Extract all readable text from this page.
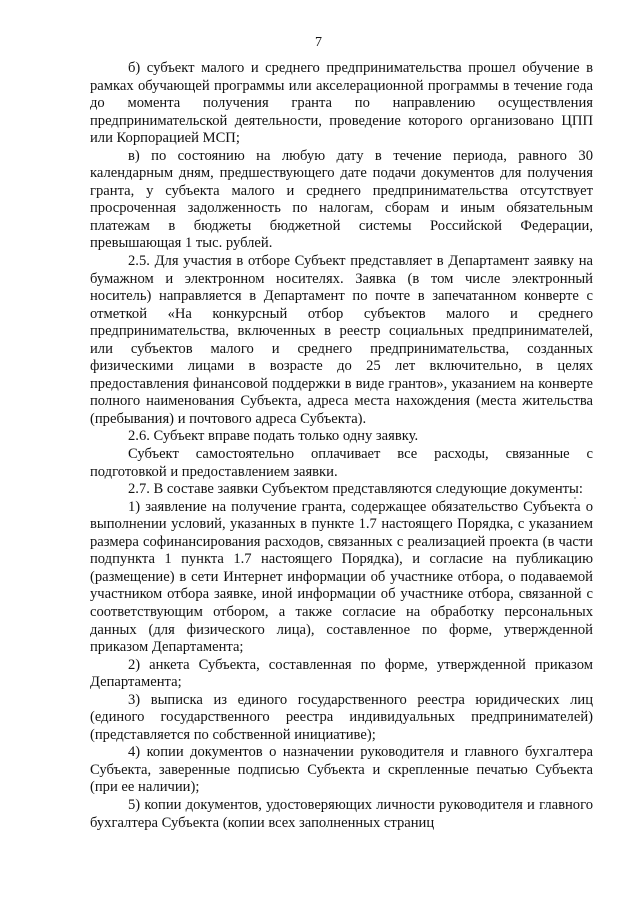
7

б) субъект малого и среднего предпринимательства прошел обучение в рамках обучающей программы или акселерационной программы в течение года до момента получения гранта по направлению осуществления предпринимательской деятельности, проведение которого организовано ЦПП или Корпорацией МСП;

в) по состоянию на любую дату в течение периода, равного 30 календарным дням, предшествующего дате подачи документов для получения гранта, у субъекта малого и среднего предпринимательства отсутствует просроченная задолженность по налогам, сборам и иным обязательным платежам в бюджеты бюджетной системы Российской Федерации, превышающая 1 тыс. рублей.

2.5. Для участия в отборе Субъект представляет в Департамент заявку на бумажном и электронном носителях. Заявка (в том числе электронный носитель) направляется в Департамент по почте в запечатанном конверте с отметкой «На конкурсный отбор субъектов малого и среднего предпринимательства, включенных в реестр социальных предпринимателей, или субъектов малого и среднего предпринимательства, созданных физическими лицами в возрасте до 25 лет включительно, в целях предоставления финансовой поддержки в виде грантов», указанием на конверте полного наименования Субъекта, адреса места нахождения (места жительства (пребывания) и почтового адреса Субъекта).

2.6. Субъект вправе подать только одну заявку.

Субъект самостоятельно оплачивает все расходы, связанные с подготовкой и предоставлением заявки.

2.7. В составе заявки Субъектом представляются следующие документы:

1) заявление на получение гранта, содержащее обязательство Субъекта о выполнении условий, указанных в пункте 1.7 настоящего Порядка, с указанием размера софинансирования расходов, связанных с реализацией проекта (в части подпункта 1 пункта 1.7 настоящего Порядка), и согласие на публикацию (размещение) в сети Интернет информации об участнике отбора, о подаваемой участником отбора заявке, иной информации об участнике отбора, связанной с соответствующим отбором, а также согласие на обработку персональных данных (для физического лица), составленное по форме, утвержденной приказом Департамента;

2) анкета Субъекта, составленная по форме, утвержденной приказом Департамента;

3) выписка из единого государственного реестра юридических лиц (единого государственного реестра индивидуальных предпринимателей) (представляется по собственной инициативе);

4) копии документов о назначении руководителя и главного бухгалтера Субъекта, заверенные подписью Субъекта и скрепленные печатью Субъекта (при ее наличии);

5) копии документов, удостоверяющих личности руководителя и главного бухгалтера Субъекта (копии всех заполненных страниц
